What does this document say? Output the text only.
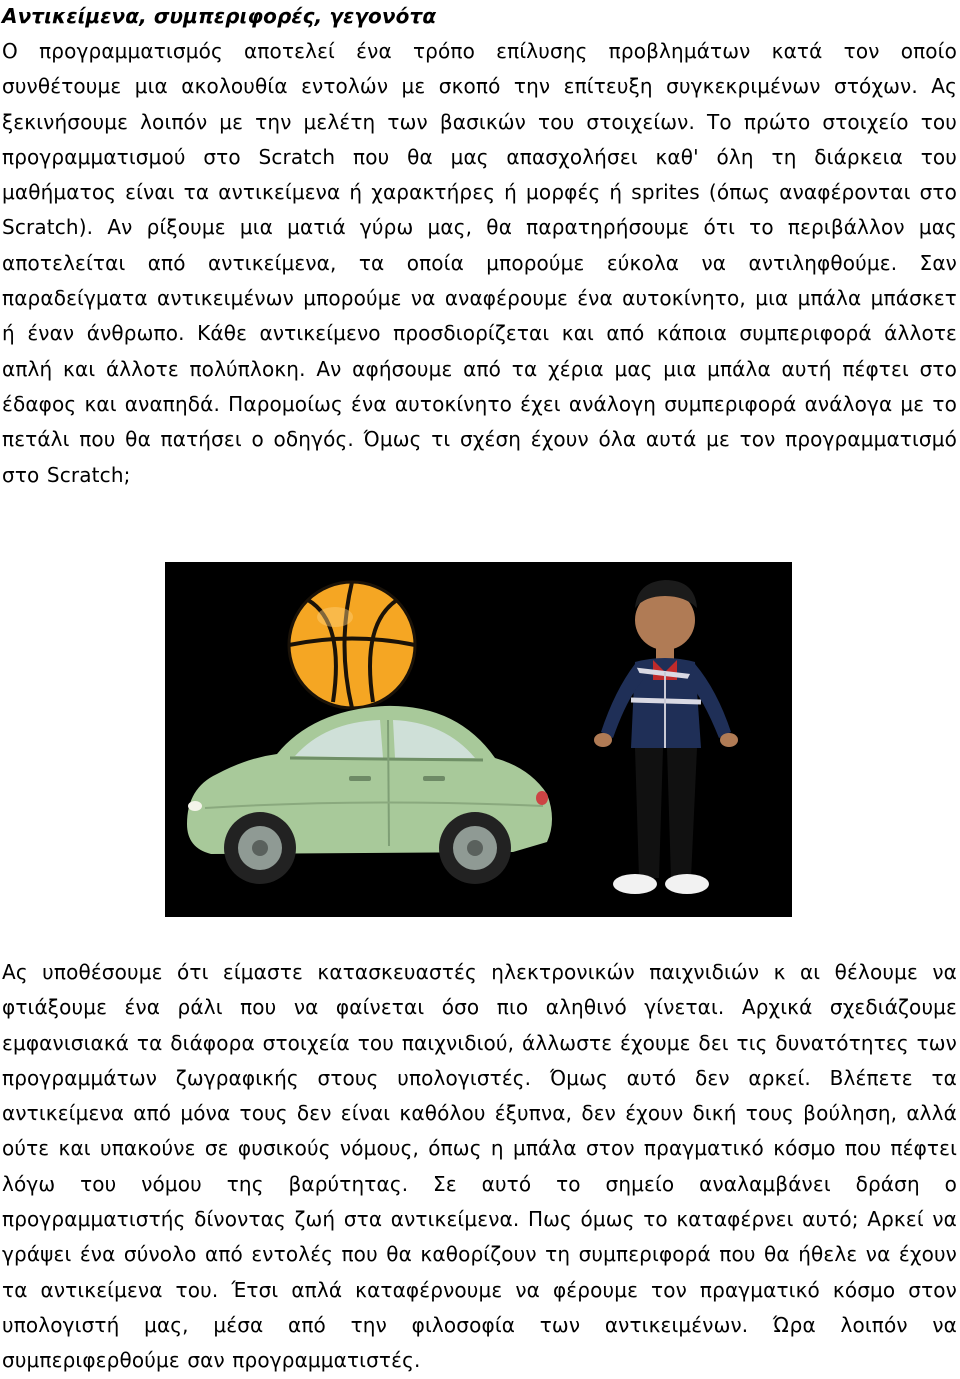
Αντικείμενα, συμπεριφορές, γεγονότα
Ο προγραμματισμός αποτελεί ένα τρόπο επίλυσης προβλημάτων κατά τον οποίο συνθέτουμε μια ακολουθία εντολών με σκοπό την επίτευξη συγκεκριμένων στόχων. Ας ξεκινήσουμε λοιπόν με την μελέτη των βασικών του στοιχείων. Το πρώτο στοιχείο του προγραμματισμού στο Scratch που θα μας απασχολήσει καθ' όλη τη διάρκεια του μαθήματος είναι τα αντικείμενα ή χαρακτήρες ή μορφές ή sprites (όπως αναφέρονται στο Scratch). Αν ρίξουμε μια ματιά γύρω μας, θα παρατηρήσουμε ότι το περιβάλλον μας αποτελείται από αντικείμενα, τα οποία μπορούμε εύκολα να αντιληφθούμε. Σαν παραδείγματα αντικειμένων μπορούμε να αναφέρουμε ένα αυτοκίνητο, μια μπάλα μπάσκετ ή έναν άνθρωπο. Κάθε αντικείμενο προσδιορίζεται και από κάποια συμπεριφορά άλλοτε απλή και άλλοτε πολύπλοκη. Αν αφήσουμε από τα χέρια μας μια μπάλα αυτή πέφτει στο έδαφος και αναπηδά. Παρομοίως ένα αυτοκίνητο έχει ανάλογη συμπεριφορά ανάλογα με το πετάλι που θα πατήσει ο οδηγός. Όμως τι σχέση έχουν όλα αυτά με τον προγραμματισμό στο Scratch;
Ας υποθέσουμε ότι είμαστε κατασκευαστές ηλεκτρονικών παιχνιδιών κ αι θέλουμε να φτιάξουμε ένα ράλι που να φαίνεται όσο πιο αληθινό γίνεται. Αρχικά σχεδιάζουμε εμφανισιακά τα διάφορα στοιχεία του παιχνιδιού, άλλωστε έχουμε δει τις δυνατότητες των προγραμμάτων ζωγραφικής στους υπολογιστές. Όμως αυτό δεν αρκεί. Βλέπετε τα αντικείμενα από μόνα τους δεν είναι καθόλου έξυπνα, δεν έχουν δική τους βούληση, αλλά ούτε και υπακούνε σε φυσικούς νόμους, όπως η μπάλα στον πραγματικό κόσμο που πέφτει λόγω του νόμου της βαρύτητας. Σε αυτό το σημείο αναλαμβάνει δράση ο προγραμματιστής δίνοντας ζωή στα αντικείμενα. Πως όμως το καταφέρνει αυτό; Αρκεί να γράψει ένα σύνολο από εντολές που θα καθορίζουν τη συμπεριφορά που θα ήθελε να έχουν τα αντικείμενα του. Έτσι απλά καταφέρνουμε να φέρουμε τον πραγματικό κόσμο στον υπολογιστή μας, μέσα από την φιλοσοφία των αντικειμένων. Ώρα λοιπόν να συμπεριφερθούμε σαν προγραμματιστές.
